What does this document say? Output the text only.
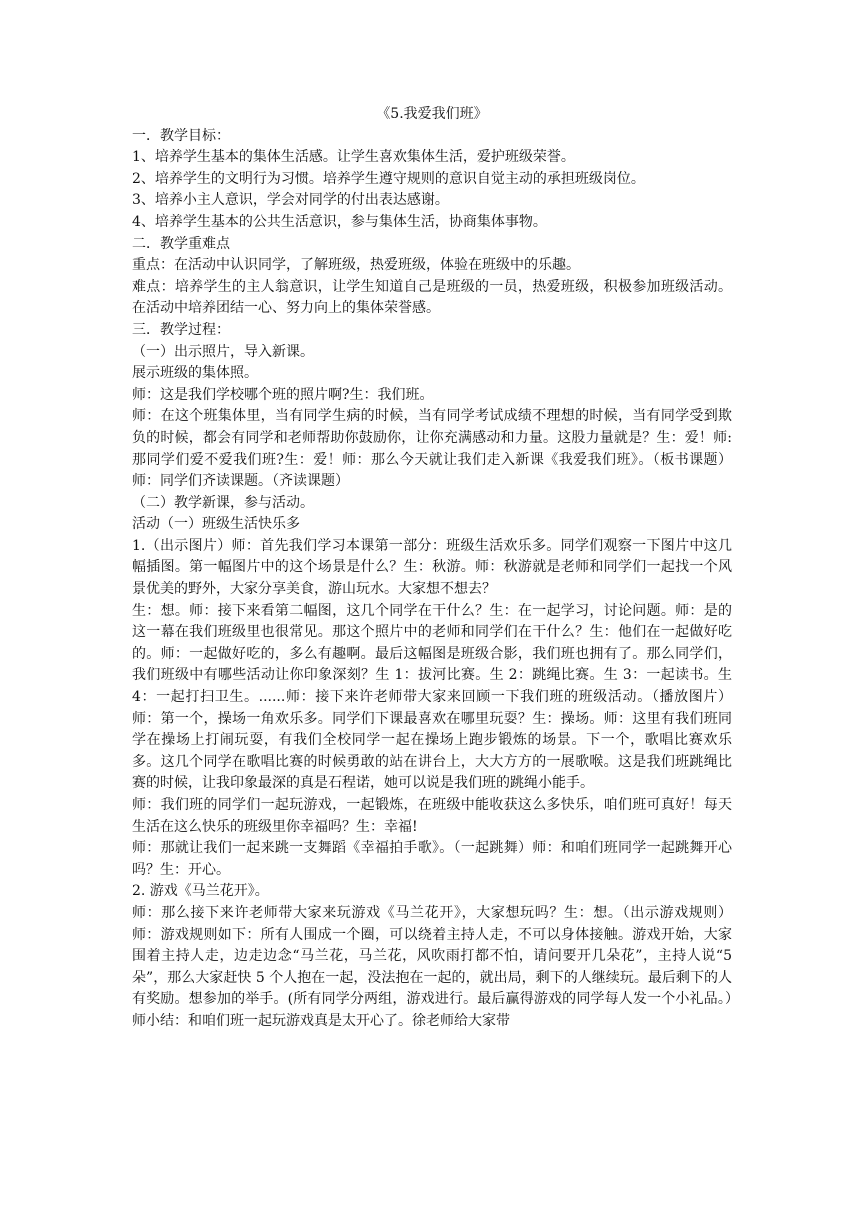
《5.我爱我们班》

一．教学目标：

1、培养学生基本的集体生活感。让学生喜欢集体生活，爱护班级荣誉。

2、培养学生的文明行为习惯。培养学生遵守规则的意识自觉主动的承担班级岗位。

3、培养小主人意识，学会对同学的付出表达感谢。

4、培养学生基本的公共生活意识，参与集体生活，协商集体事物。

二．教学重难点

重点：在活动中认识同学，了解班级，热爱班级，体验在班级中的乐趣。

难点：培养学生的主人翁意识，让学生知道自己是班级的一员，热爱班级，积极参加班级活动。在活动中培养团结一心、努力向上的集体荣誉感。

三．教学过程：

（一）出示照片，导入新课。

展示班级的集体照。

师：这是我们学校哪个班的照片啊?生：我们班。

师：在这个班集体里，当有同学生病的时候，当有同学考试成绩不理想的时候，当有同学受到欺负的时候，都会有同学和老师帮助你鼓励你，让你充满感动和力量。这股力量就是？生：爱！师:那同学们爱不爱我们班?生：爱！师：那么今天就让我们走入新课《我爱我们班》。（板书课题）师：同学们齐读课题。（齐读课题）

（二）教学新课，参与活动。

活动（一）班级生活快乐多

1.（出示图片）师：首先我们学习本课第一部分：班级生活欢乐多。同学们观察一下图片中这几幅插图。第一幅图片中的这个场景是什么？生：秋游。师：秋游就是老师和同学们一起找一个风景优美的野外，大家分享美食，游山玩水。大家想不想去？

生：想。师：接下来看第二幅图，这几个同学在干什么？生：在一起学习，讨论问题。师：是的这一幕在我们班级里也很常见。那这个照片中的老师和同学们在干什么？生：他们在一起做好吃的。师：一起做好吃的，多么有趣啊。最后这幅图是班级合影，我们班也拥有了。那么同学们，我们班级中有哪些活动让你印象深刻？生 1：拔河比赛。生 2：跳绳比赛。生 3：一起读书。生 4：一起打扫卫生。......师：接下来许老师带大家来回顾一下我们班的班级活动。（播放图片）师：第一个，操场一角欢乐多。同学们下课最喜欢在哪里玩耍？生：操场。师：这里有我们班同学在操场上打闹玩耍，有我们全校同学一起在操场上跑步锻炼的场景。下一个，歌唱比赛欢乐多。这几个同学在歌唱比赛的时候勇敢的站在讲台上，大大方方的一展歌喉。这是我们班跳绳比赛的时候，让我印象最深的真是石程诺，她可以说是我们班的跳绳小能手。

师：我们班的同学们一起玩游戏，一起锻炼，在班级中能收获这么多快乐，咱们班可真好！每天生活在这么快乐的班级里你幸福吗？生：幸福!

师：那就让我们一起来跳一支舞蹈《幸福拍手歌》。（一起跳舞）师：和咱们班同学一起跳舞开心吗？生：开心。

2. 游戏《马兰花开》。

师：那么接下来许老师带大家来玩游戏《马兰花开》，大家想玩吗？生：想。（出示游戏规则）师：游戏规则如下：所有人围成一个圈，可以绕着主持人走，不可以身体接触。游戏开始，大家围着主持人走，边走边念“马兰花，马兰花，风吹雨打都不怕，请问要开几朵花”，主持人说“5 朵”，那么大家赶快 5 个人抱在一起，没法抱在一起的，就出局，剩下的人继续玩。最后剩下的人有奖励。想参加的举手。(所有同学分两组，游戏进行。最后赢得游戏的同学每人发一个小礼品。）师小结：和咱们班一起玩游戏真是太开心了。徐老师给大家带
